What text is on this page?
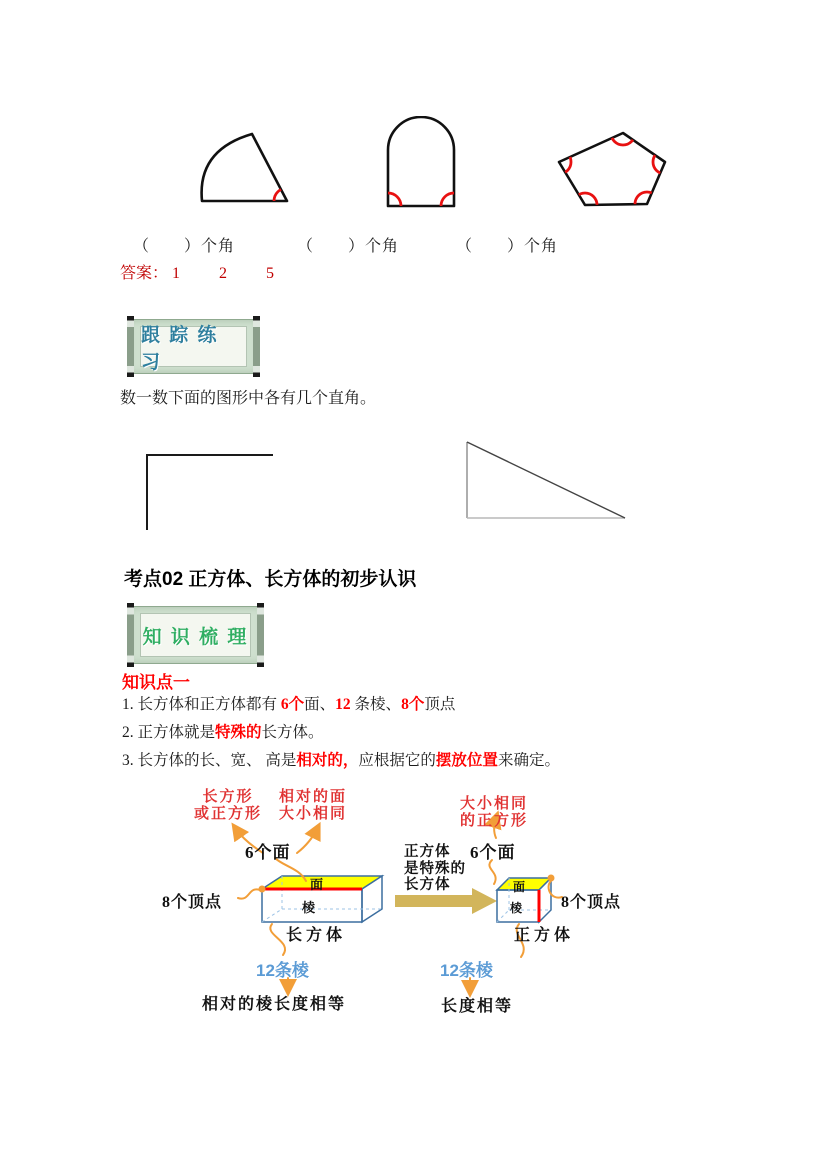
（　　）个角	（　　）个角	（　　）个角
答案： 1 2 5
跟 踪 练 习
数一数下面的图形中各有几个直角。
考点02 正方体、长方体的初步认识
知 识 梳 理
知识点一
1. 长方体和正方体都有 6个面、12 条棱、8个顶点
2. 正方体就是特殊的长方体。
3. 长方体的长、宽、 高是相对的，应根据它的摆放位置来确定。
长方形
或正方形
相对的面
大小相同
大小相同
的正方形
6个面	6个面
8个顶点	8个顶点
正方体
是特殊的
长方体
面
棱
面
棱
长方体	正方体
12条棱	12条棱
相对的棱长度相等	长度相等
